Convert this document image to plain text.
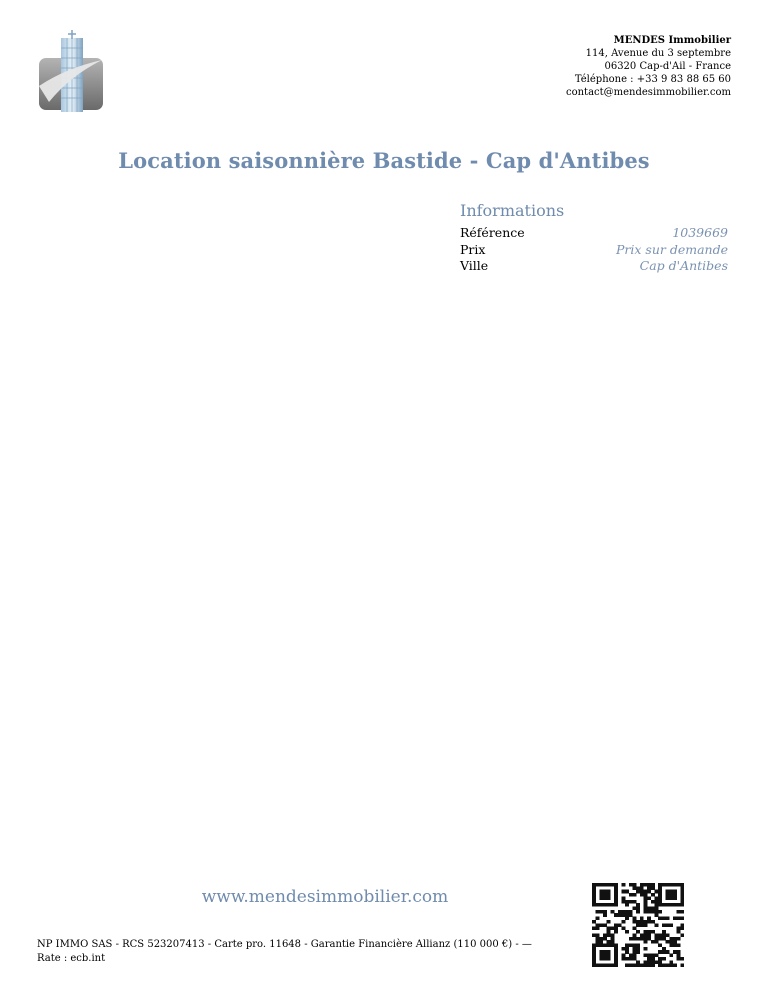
MENDES Immobilier
114, Avenue du 3 septembre
06320 Cap-d'Ail - France
Téléphone : +33 9 83 88 65 60
contact@mendesimmobilier.com
Location saisonnière Bastide - Cap d'Antibes
Informations
Référence	1039669
Prix	Prix sur demande
Ville	Cap d'Antibes
www.mendesimmobilier.com
NP IMMO SAS - RCS 523207413 - Carte pro. 11648 - Garantie Financière Allianz (110 000 €) - —
Rate : ecb.int
